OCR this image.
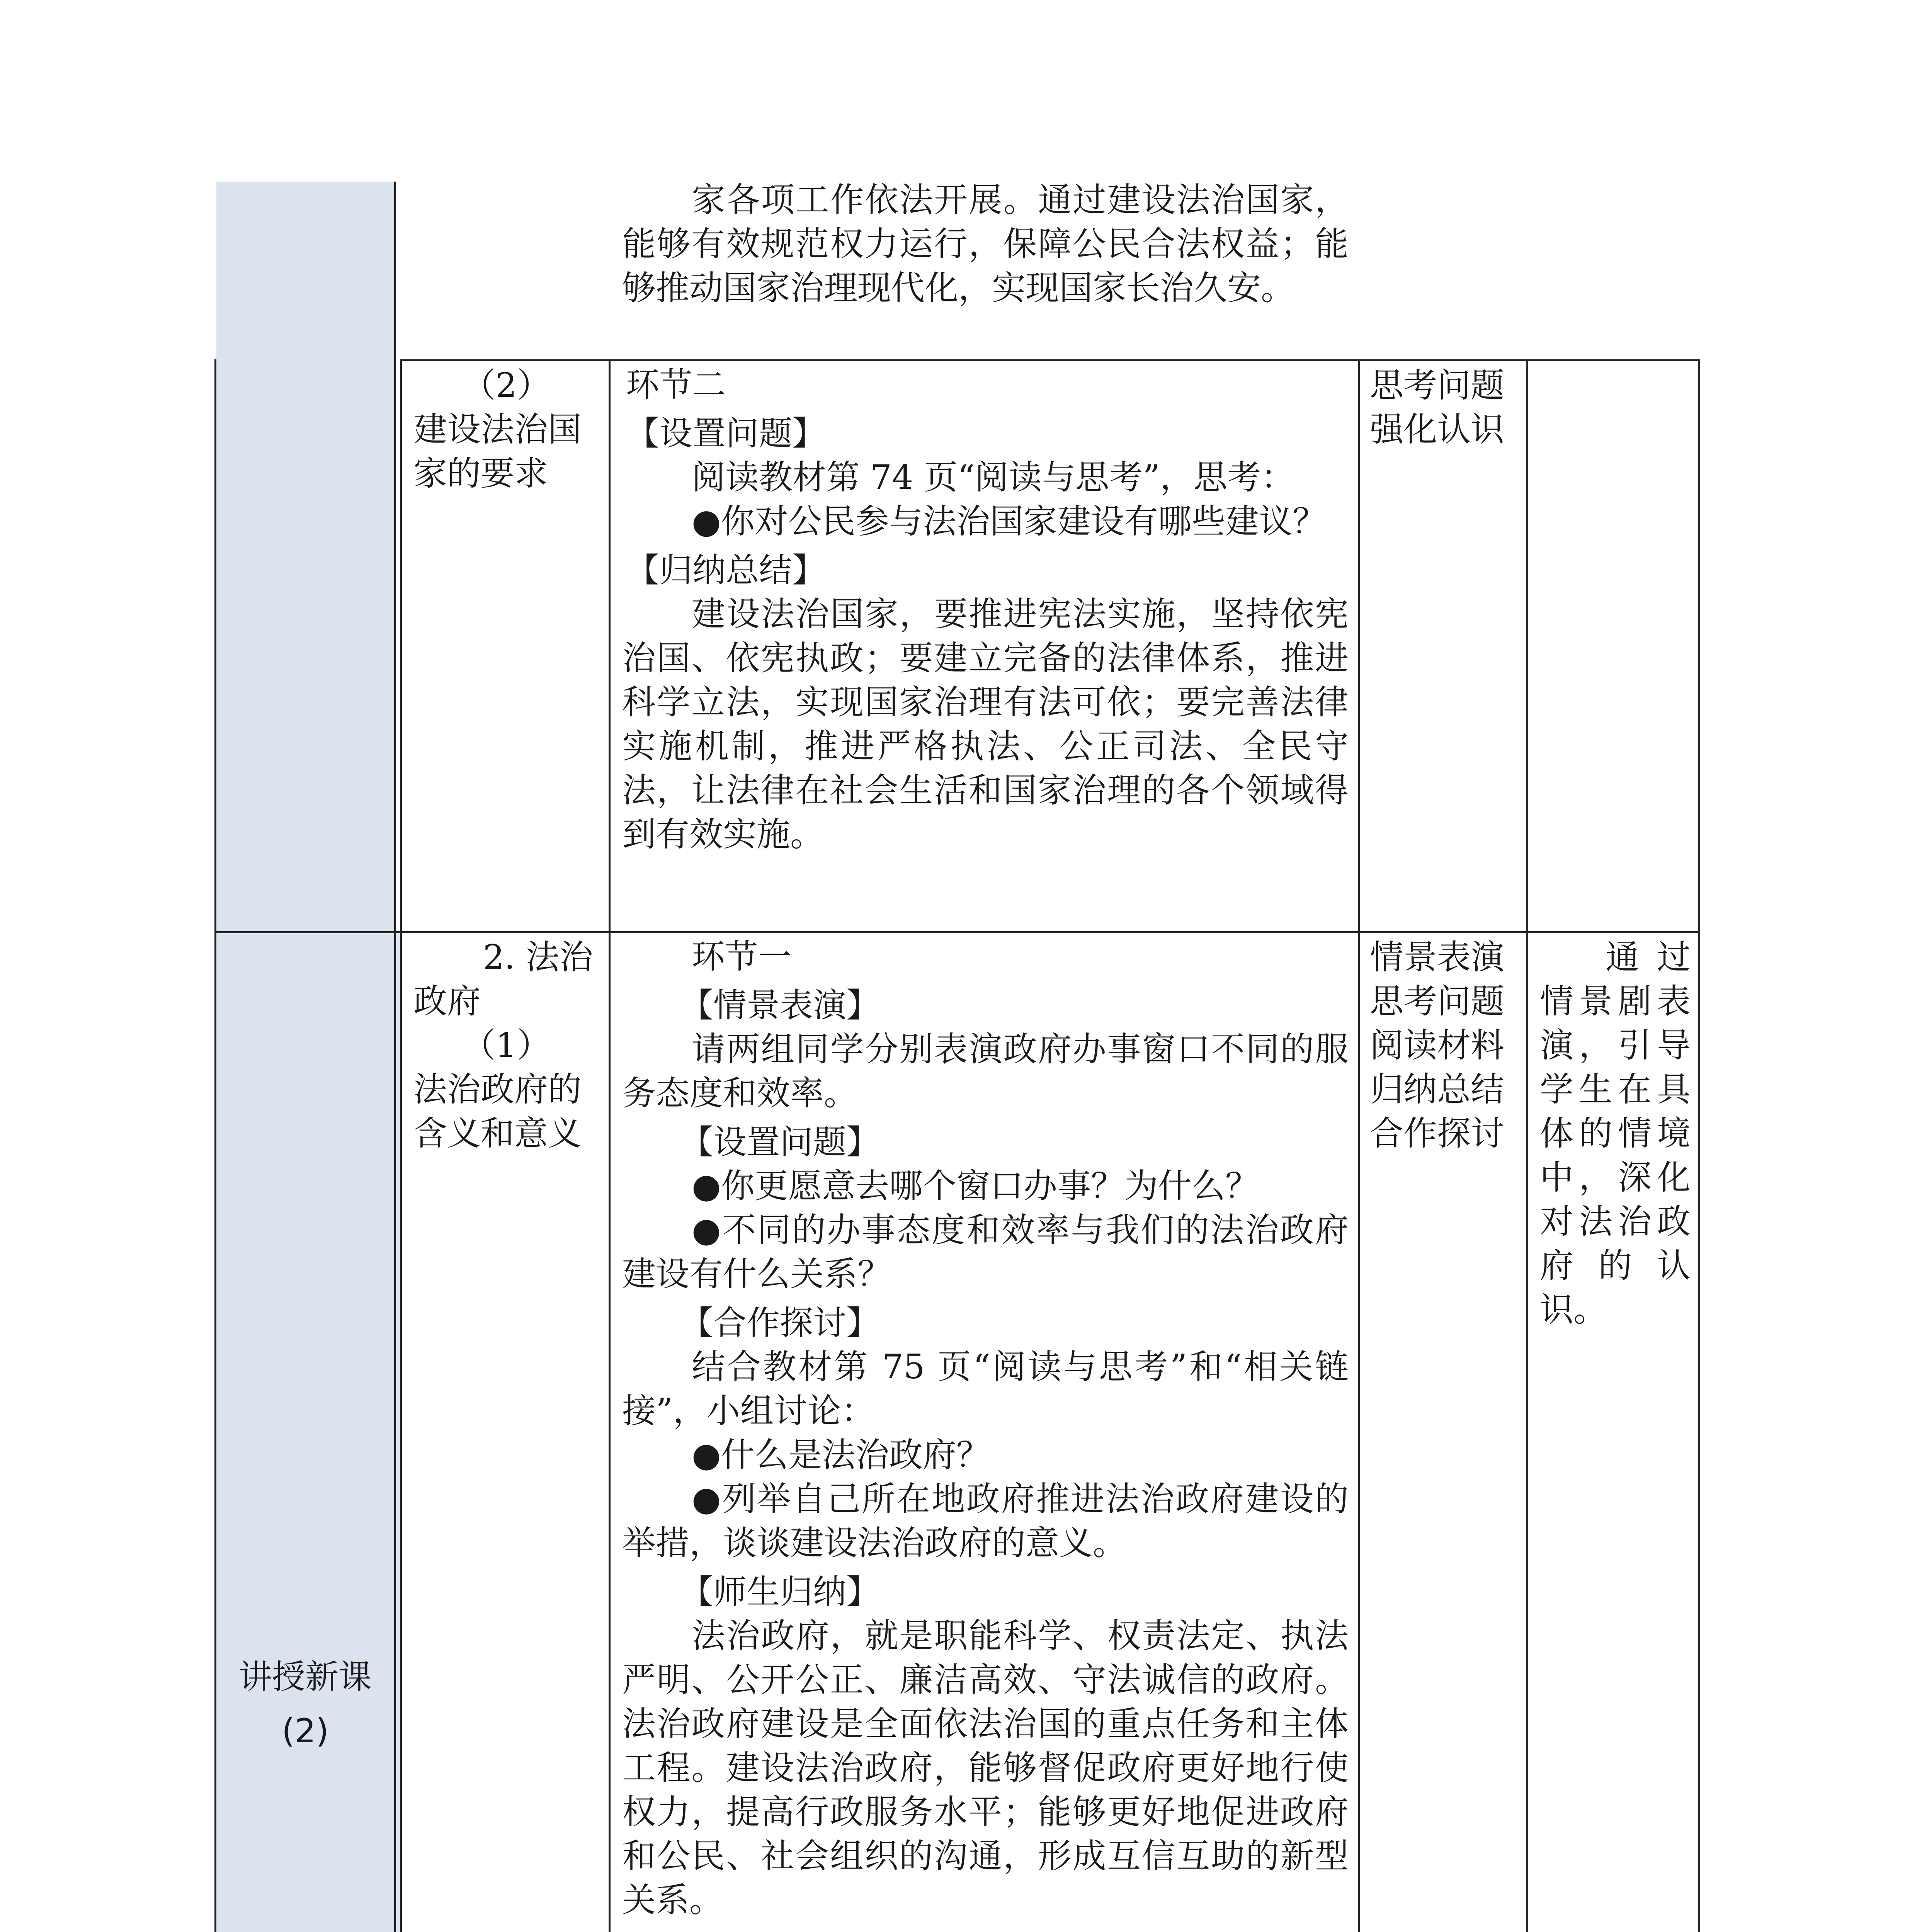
家各项工作依法开展。通过建设法治国家，能够有效规范权力运行，保障公民合法权益；能够推动国家治理现代化，实现国家长治久安。

（2）
建设法治国家的要求
环节二
【设置问题】

阅读教材第 74 页“阅读与思考”，思考：

●你对公民参与法治国家建设有哪些建议？

【归纳总结】

建设法治国家，要推进宪法实施，坚持依宪治国、依宪执政；要建立完备的法律体系，推进科学立法，实现国家治理有法可依；要完善法律实施机制，推进严格执法、公正司法、全民守法，让法律在社会生活和国家治理的各个领域得到有效实施。

思考问题
强化认识
讲授新课
(2)
2. 法治政府
（1）
法治政府的含义和意义
环节一
【情景表演】

请两组同学分别表演政府办事窗口不同的服务态度和效率。

【设置问题】

●你更愿意去哪个窗口办事？为什么？

●不同的办事态度和效率与我们的法治政府建设有什么关系？

【合作探讨】

结合教材第 75 页“阅读与思考”和“相关链接”，小组讨论：

●什么是法治政府？

●列举自己所在地政府推进法治政府建设的举措，谈谈建设法治政府的意义。

【师生归纳】

法治政府，就是职能科学、权责法定、执法严明、公开公正、廉洁高效、守法诚信的政府。法治政府建设是全面依法治国的重点任务和主体工程。建设法治政府，能够督促政府更好地行使权力，提高行政服务水平；能够更好地促进政府和公民、社会组织的沟通，形成互信互助的新型关系。

情景表演
思考问题
阅读材料
归纳总结
合作探讨

通过情景剧表演，引导学生在具体的情境中，深化对法治政府的认识。
